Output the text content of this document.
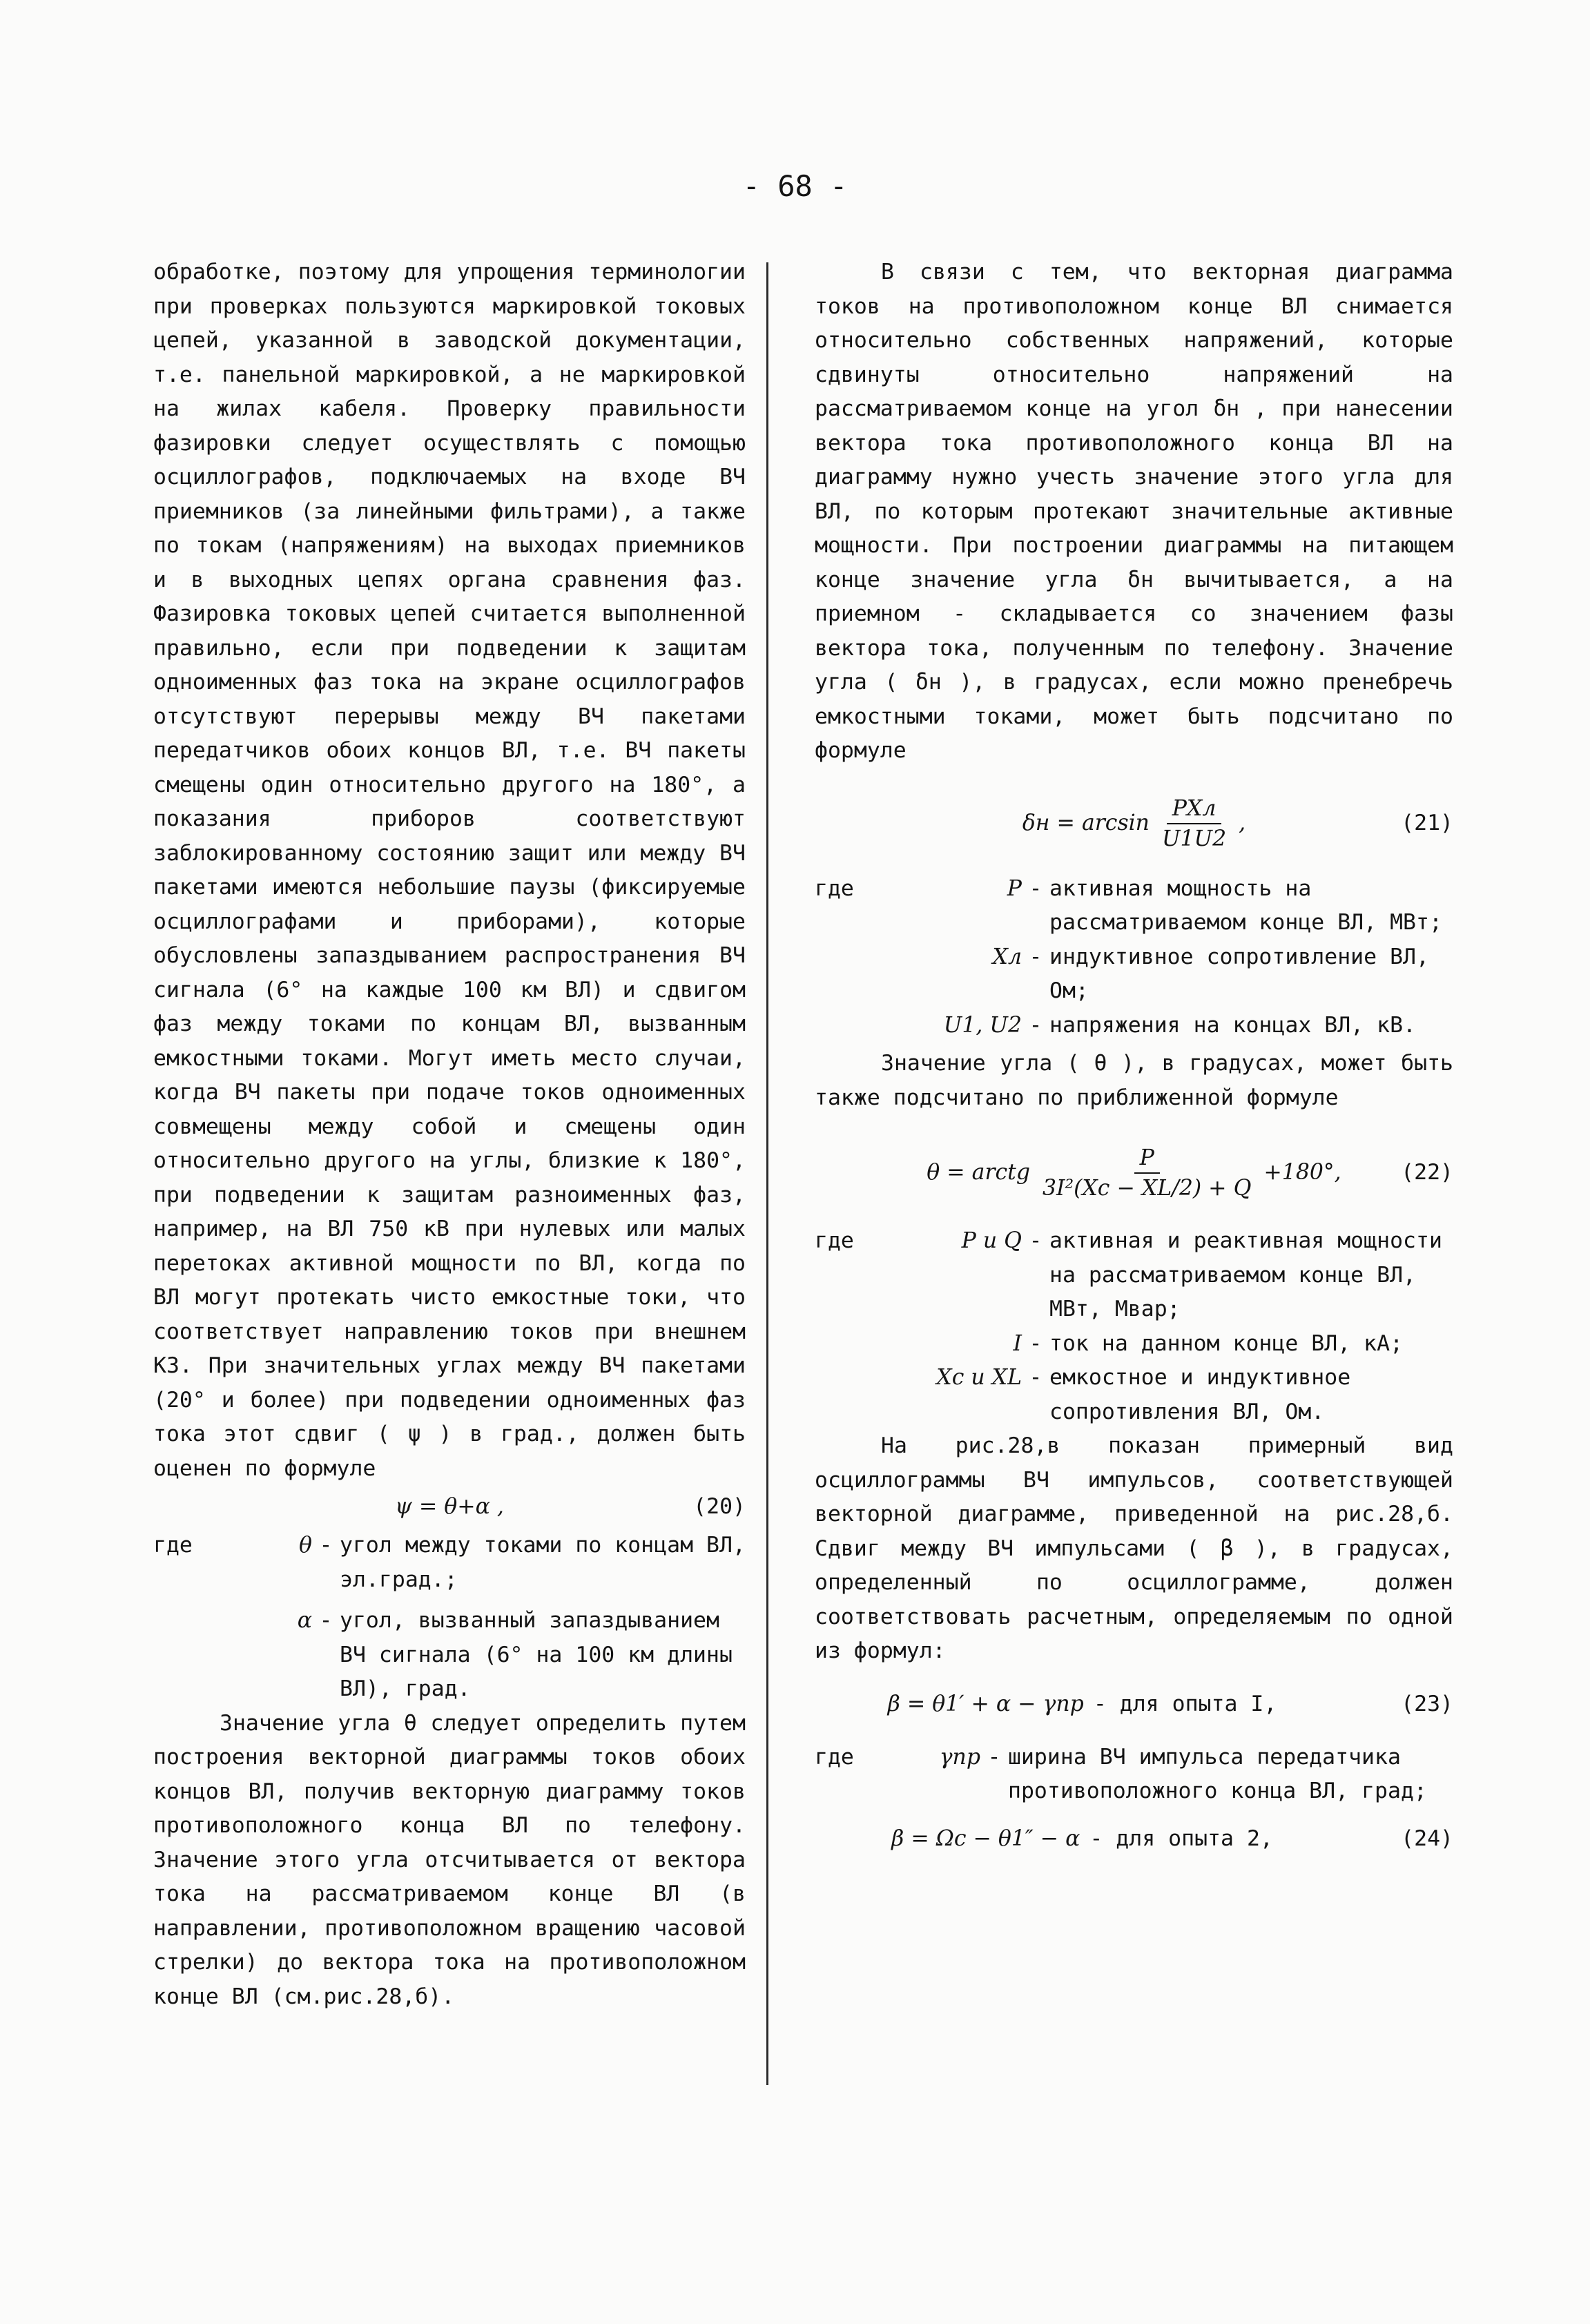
- 68 -

обработке, поэтому для упрощения терминологии при проверках пользуются маркировкой токовых цепей, указанной в заводской документации, т.е. панельной маркировкой, а не маркировкой на жилах кабеля. Проверку правильности фазировки следует осуществлять с помощью осциллографов, подключаемых на входе ВЧ приемников (за линейными фильтрами), а также по токам (напряжениям) на выходах приемников и в выходных цепях органа сравнения фаз. Фазировка токовых цепей считается выполненной правильно, если при подведении к защитам одноименных фаз тока на экране осциллографов отсутствуют перерывы между ВЧ пакетами передатчиков обоих концов ВЛ, т.е. ВЧ пакеты смещены один относительно другого на 180°, а показания приборов соответствуют заблокированному состоянию защит или между ВЧ пакетами имеются небольшие паузы (фиксируемые осциллографами и приборами), которые обусловлены запаздыванием распространения ВЧ сигнала (6° на каждые 100 км ВЛ) и сдвигом фаз между токами по концам ВЛ, вызванным емкостными токами. Могут иметь место случаи, когда ВЧ пакеты при подаче токов одноименных совмещены между собой и смещены один относительно другого на углы, близкие к 180°, при подведении к защитам разноименных фаз, например, на ВЛ 750 кВ при нулевых или малых перетоках активной мощности по ВЛ, когда по ВЛ могут протекать чисто емкостные токи, что соответствует направлению токов при внешнем КЗ. При значительных углах между ВЧ пакетами (20° и более) при подведении одноименных фаз тока этот сдвиг ( ψ ) в град., должен быть оценен по формуле

ψ = θ+α ,	(20)
где	θ - угол между токами по концам ВЛ, эл.град.;
α - угол, вызванный запаздыванием ВЧ сигнала (6° на 100 км длины ВЛ), град.

Значение угла θ следует определить путем построения векторной диаграммы токов обоих концов ВЛ, получив векторную диаграмму токов противоположного конца ВЛ по телефону. Значение этого угла отсчитывается от вектора тока на рассматриваемом конце ВЛ (в направлении, противоположном вращению часовой стрелки) до вектора тока на противоположном конце ВЛ (см.рис.28,б).

В связи с тем, что векторная диаграмма токов на противоположном конце ВЛ снимается относительно собственных напряжений, которые сдвинуты относительно напряжений на рассматриваемом конце на угол δн , при нанесении вектора тока противоположного конца ВЛ на диаграмму нужно учесть значение этого угла для ВЛ, по которым протекают значительные активные мощности. При построении диаграммы на питающем конце значение угла δн вычитывается, а на приемном - складывается со значением фазы вектора тока, полученным по телефону. Значение угла ( δн ), в градусах, если можно пренебречь емкостными токами, может быть подсчитано по формуле

$\delta н = \arcsin \frac{\text{PXл}}{U1U2}$ ,	(21)
где	P - активная мощность на рассматриваемом конце ВЛ, МВт;
Xл - индуктивное сопротивление ВЛ, Ом;
U1, U2 - напряжения на концах ВЛ, кВ.

Значение угла ( θ ), в градусах, может быть также подсчитано по приближенной формуле

θ = arctg $\frac{P}{\text{3I²(Xc − XL/2) + Q}} +180^\circ$,	(22)
где	P и Q - активная и реактивная мощности на рассматриваемом конце ВЛ, МВт, Мвар;
I - ток на данном конце ВЛ, кА;
Xc и XL - емкостное и индуктивное сопротивления ВЛ, Ом.

На рис.28,в показан примерный вид осциллограммы ВЧ импульсов, соответствующей векторной диаграмме, приведенной на рис.28,б. Сдвиг между ВЧ импульсами ( β ), в градусах, определенный по осциллограмме, должен соответствовать расчетным, определяемым по одной из формул:

β = θ1′ + α − γпр - для опыта I,	(23)
где	γпр - ширина ВЧ импульса передатчика противоположного конца ВЛ, град;
β = Ωc − θ1″ − α - для опыта 2,	(24)
